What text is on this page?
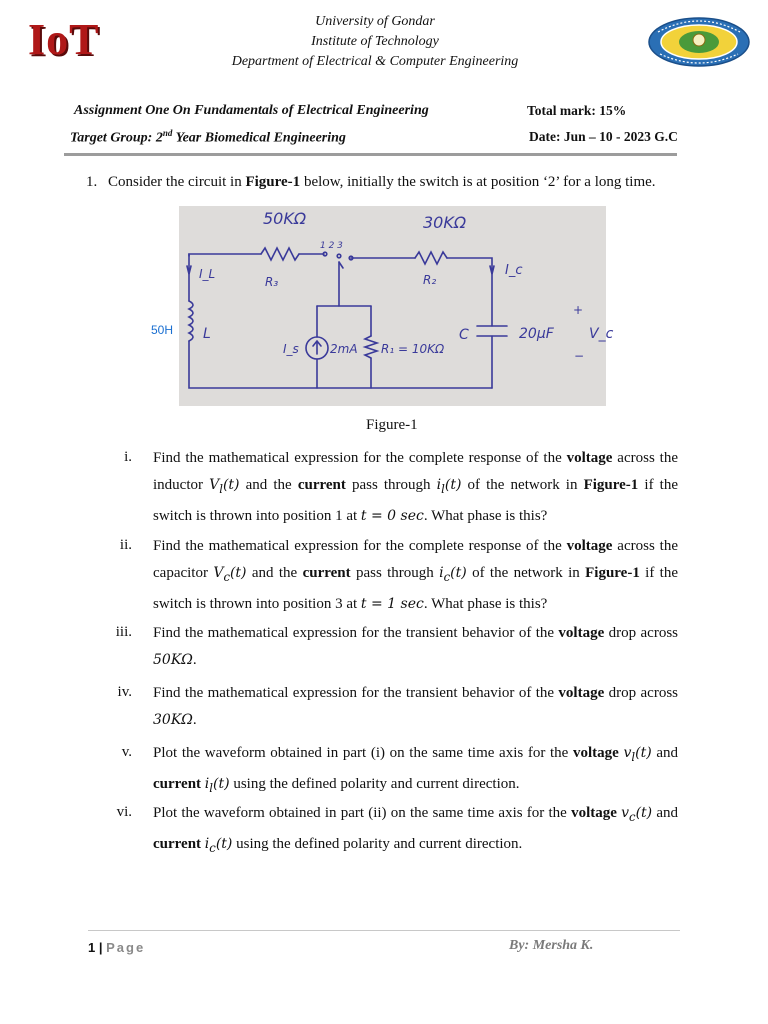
IoT	University of Gondar
Institute of Technology
Department of Electrical & Computer Engineering
Assignment One On Fundamentals of Electrical Engineering	Total mark: 15%
Target Group: 2nd Year Biomedical Engineering	Date: Jun – 10 - 2023 G.C
1. Consider the circuit in Figure-1 below, initially the switch is at position ‘2’ for a long time.
50H
50KΩ
R₃
1 2 3
30KΩ
R₂
I_L
L
I_c
C	20μF	V_c
+
−
I_s	2mA R₁ = 10KΩ
Figure-1
i. Find the mathematical expression for the complete response of the voltage across the inductor $V_l(t)$ and the current pass through $i_l(t)$ of the network in Figure-1 if the switch is thrown into position 1 at t = 0 sec. What phase is this?
ii. Find the mathematical expression for the complete response of the voltage across the capacitor $V_c(t)$ and the current pass through $i_c(t)$ of the network in Figure-1 if the switch is thrown into position 3 at t = 1 sec. What phase is this?
iii. Find the mathematical expression for the transient behavior of the voltage drop across 50KΩ.
iv. Find the mathematical expression for the transient behavior of the voltage drop across 30KΩ.
v. Plot the waveform obtained in part (i) on the same time axis for the voltage $v_l(t)$ and current $i_l(t)$ using the defined polarity and current direction.
vi. Plot the waveform obtained in part (ii) on the same time axis for the voltage $v_c(t)$ and current $i_c(t)$ using the defined polarity and current direction.
1 | Page	By: Mersha K.
